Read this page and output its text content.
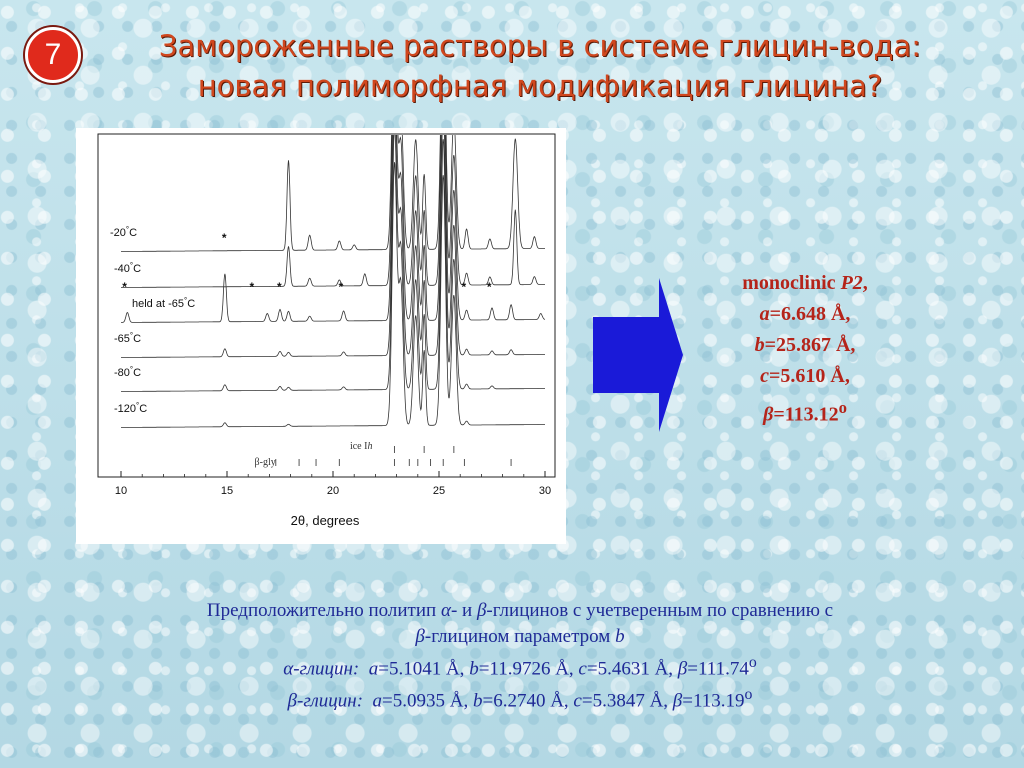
7	Замороженные растворы в системе глицин-вода:
новая полиморфная модификация глицина?
-20°C
-40°C
held at -65°C
-65°C
-80°C
-120°C
*
*
* *	*	* *
ice Ih
β-gly
10	15	20	25	30
2θ, degrees
monoclinic P2,
a=6.648 Å,
b=25.867 Å,
c=5.610 Å,
$\beta=113.12^o$
Предположительно политип α- и β-глицинов с учетверенным по сравнению с
β-глицином параметром b
α-глицин: a=5.1041 Å, b=11.9726 Å, c=5.4631 Å, $\beta=111.74^o$
β-глицин: a=5.0935 Å, b=6.2740 Å, c=5.3847 Å, $\beta=113.19^o$
